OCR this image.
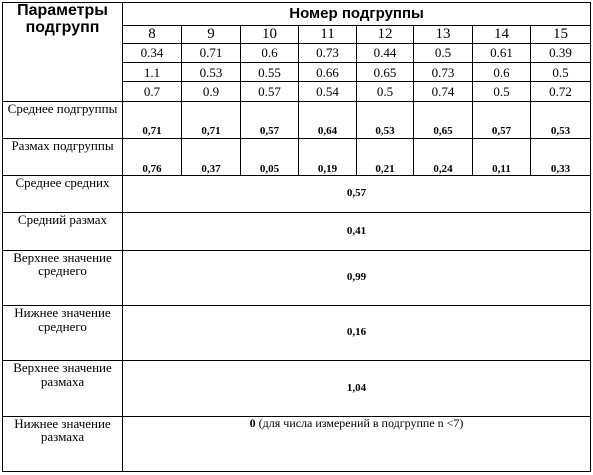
Параметры подгрупп	Номер подгруппы							
	8	9	10	11	12	13	14	15
	0.34	0.71	0.6	0.73	0.44	0.5	0.61	0.39
	1.1	0.53	0.55	0.66	0.65	0.73	0.6	0.5
	0.7	0.9	0.57	0.54	0.5	0.74	0.5	0.72
Среднее подгруппы	0,71	0,71	0,57	0,64	0,53	0,65	0,57	0,53
Размах подгруппы	0,76	0,37	0,05	0,19	0,21	0,24	0,11	0,33
Среднее средних	0,57							
Средний размах	0,41							
Верхнее значение среднего	0,99							
Нижнее значение среднего	0,16							
Верхнее значение размаха	1,04							
Нижнее значение размаха	0 (для числа измерений в подгруппе n <7)							
